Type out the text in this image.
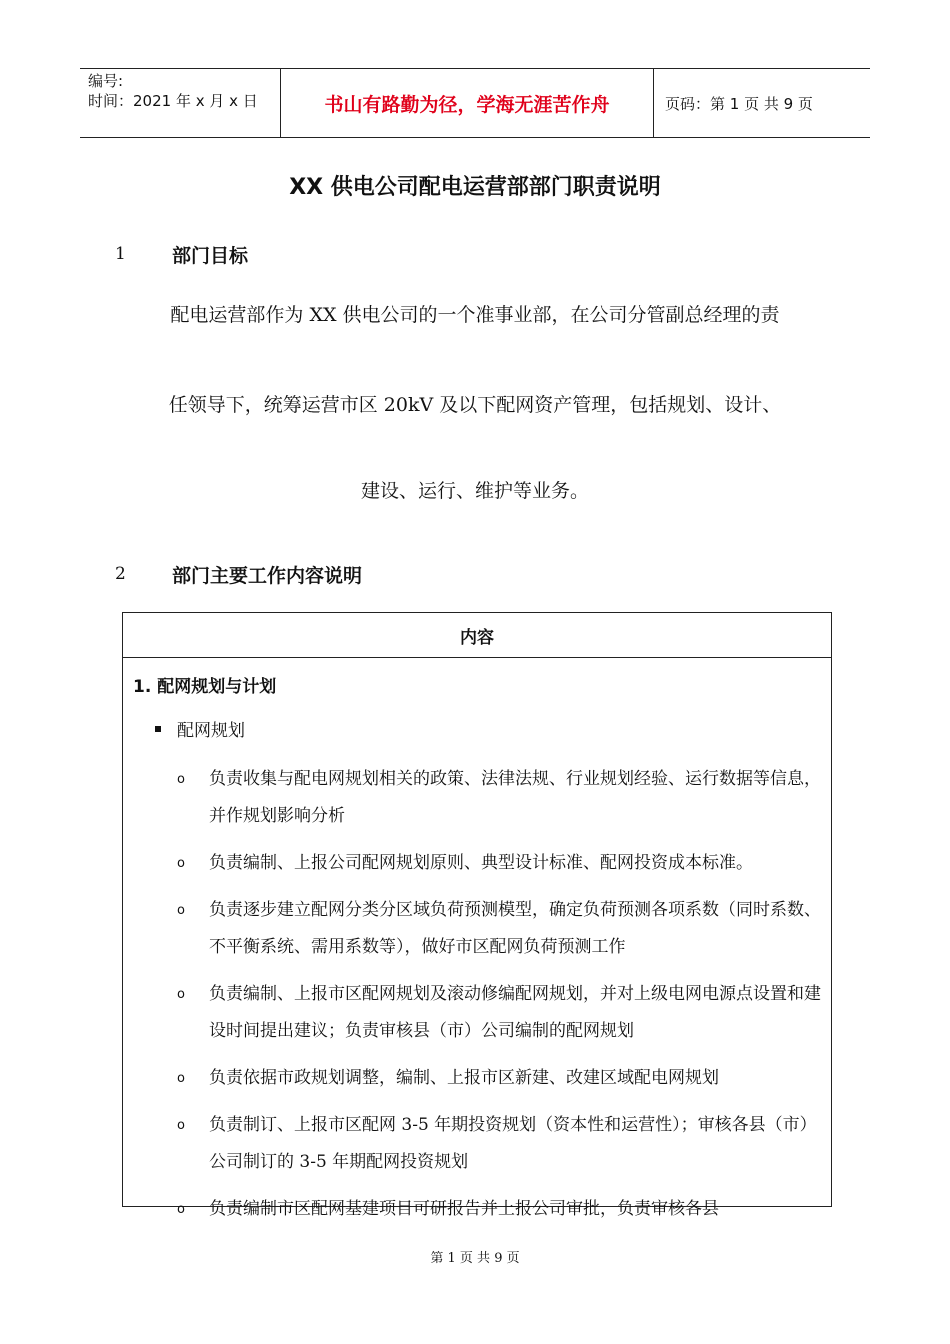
编号:
时间：2021 年 x 月 x 日	书山有路勤为径，学海无涯苦作舟	页码：第 1 页 共 9 页
XX 供电公司配电运营部部门职责说明
1 部门目标
配电运营部作为 XX 供电公司的一个准事业部，在公司分管副总经理的责
任领导下，统筹运营市区 20kV 及以下配网资产管理，包括规划、设计、
建设、运行、维护等业务。
2 部门主要工作内容说明
内容
1. 配网规划与计划
配网规划
o 负责收集与配电网规划相关的政策、法律法规、行业规划经验、运行数据等信息，并作规划影响分析
o 负责编制、上报公司配网规划原则、典型设计标准、配网投资成本标准。
o 负责逐步建立配网分类分区域负荷预测模型，确定负荷预测各项系数（同时系数、不平衡系统、需用系数等），做好市区配网负荷预测工作
o 负责编制、上报市区配网规划及滚动修编配网规划，并对上级电网电源点设置和建设时间提出建议；负责审核县（市）公司编制的配网规划
o 负责依据市政规划调整，编制、上报市区新建、改建区域配电网规划
o 负责制订、上报市区配网 3-5 年期投资规划（资本性和运营性）；审核各县（市）公司制订的 3-5 年期配网投资规划
o 负责编制市区配网基建项目可研报告并上报公司审批，负责审核各县
第 1 页 共 9 页
